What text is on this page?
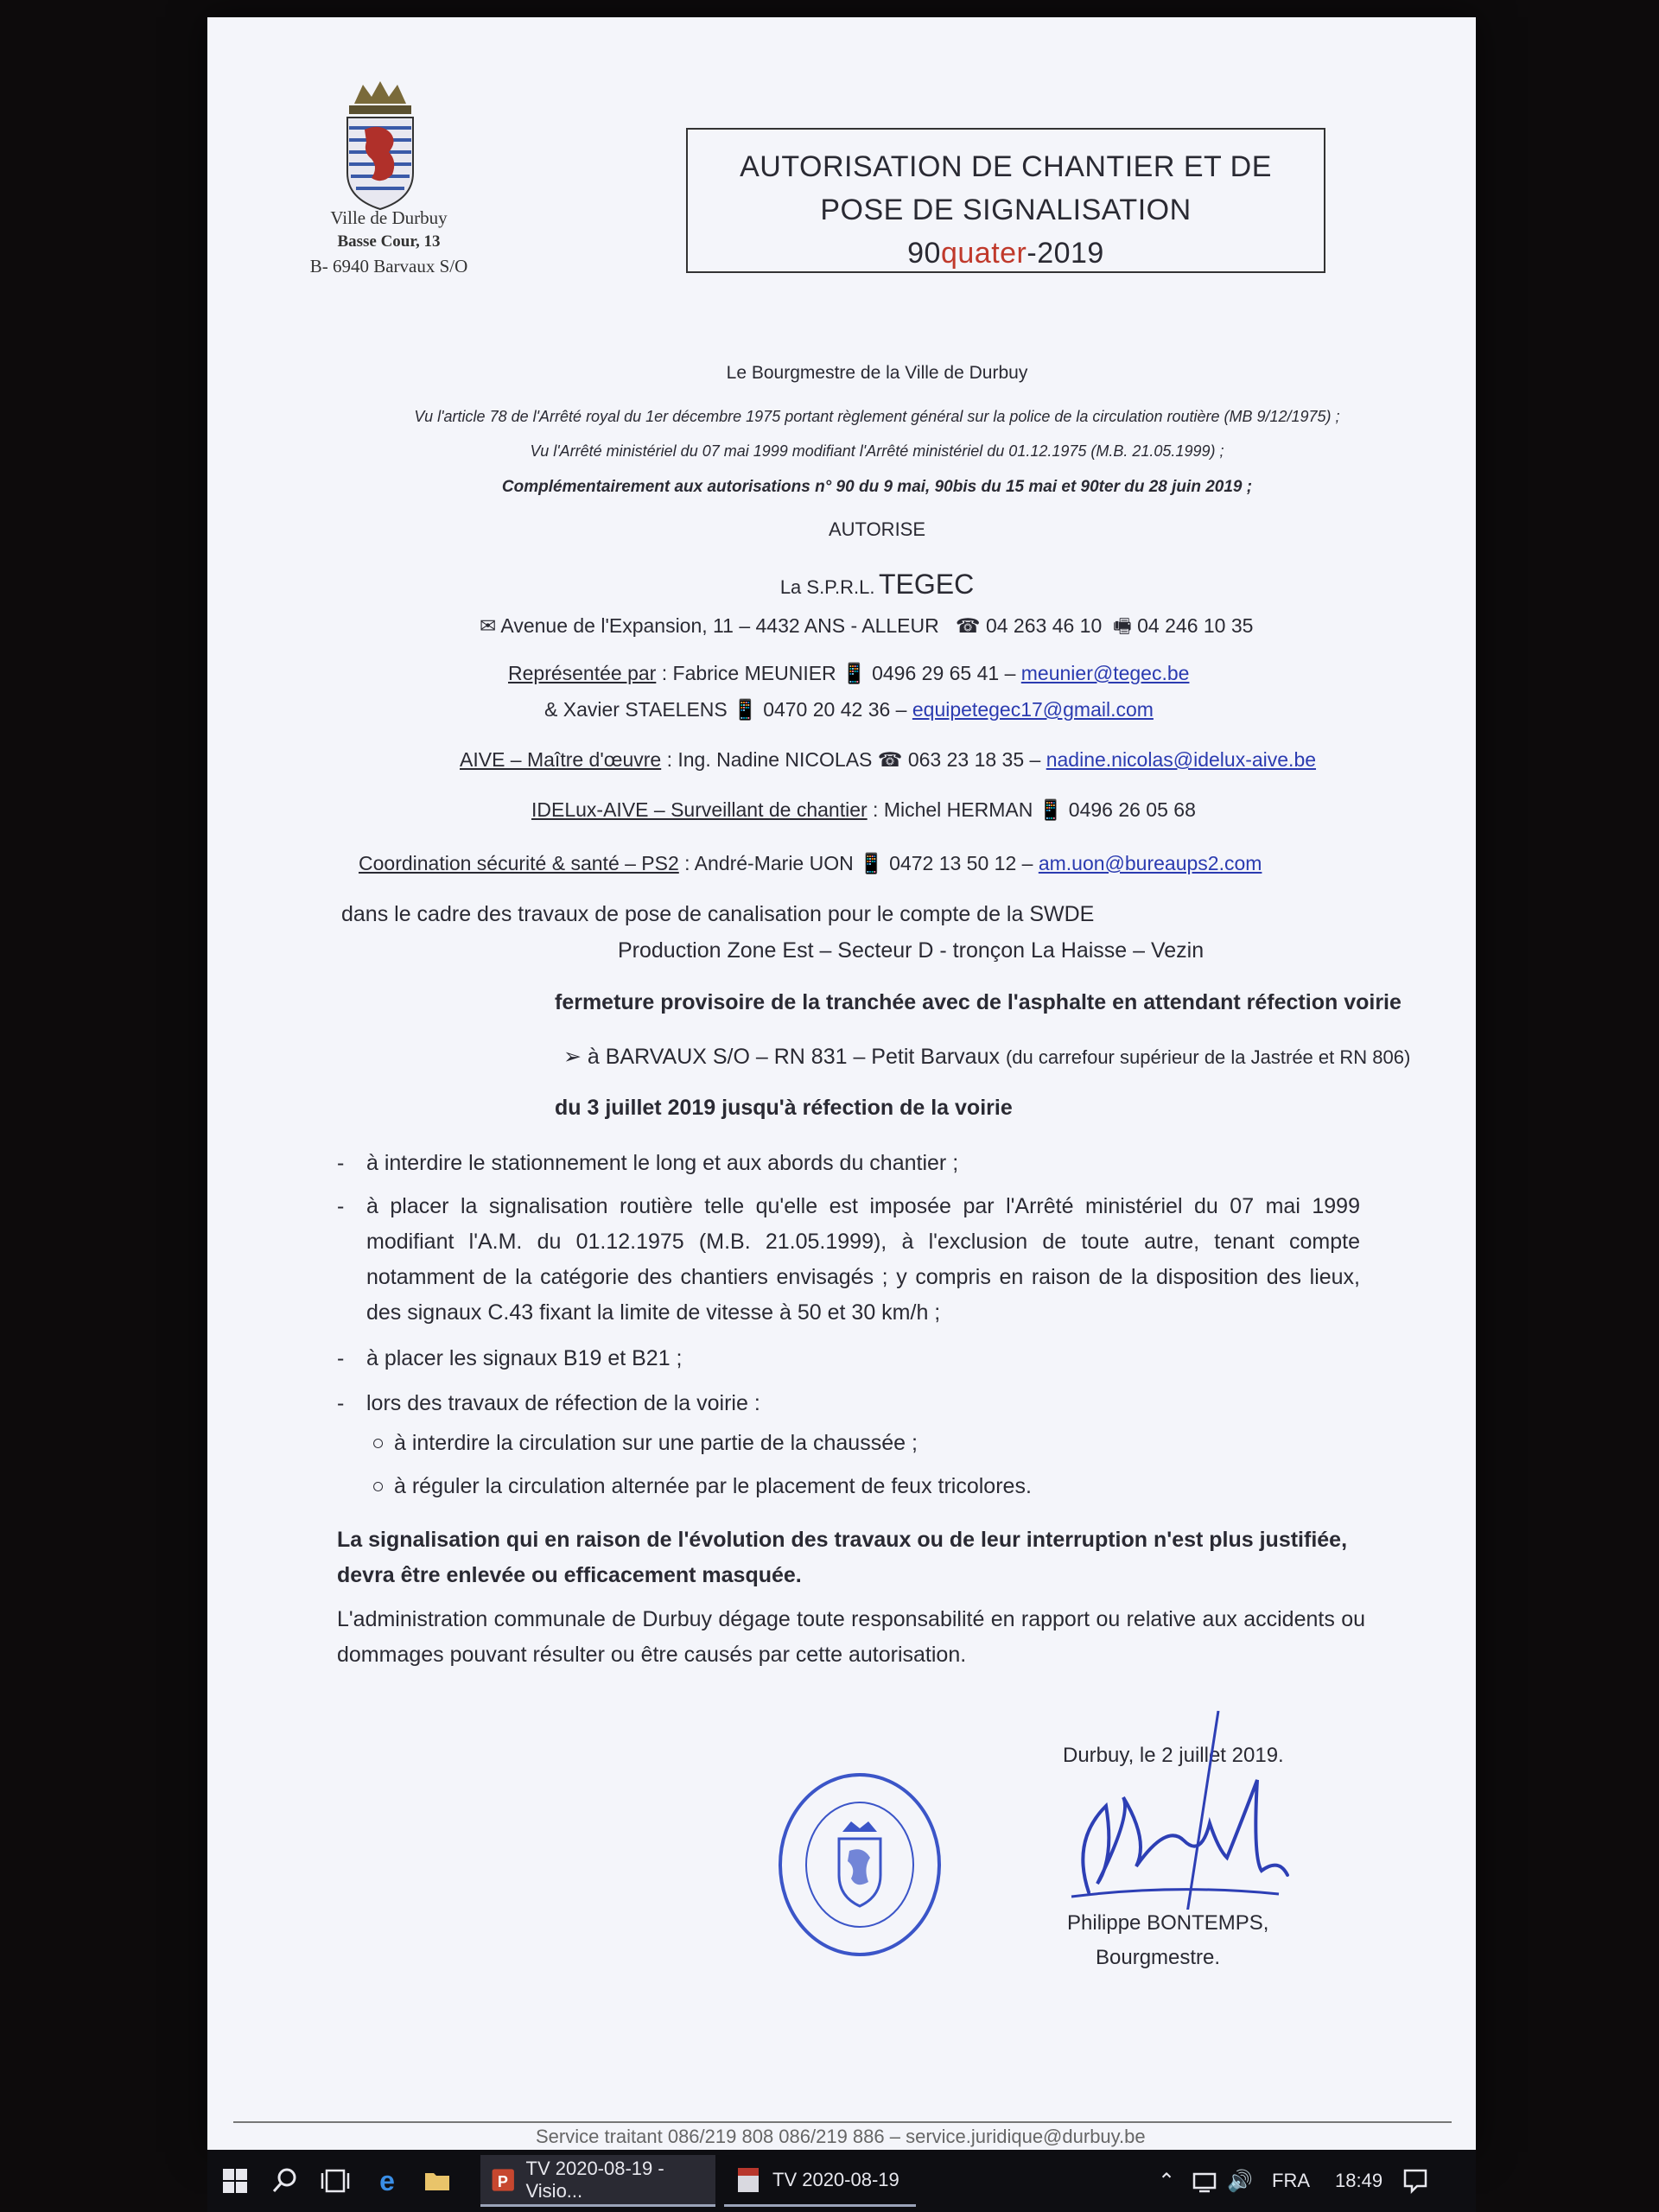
Ville de Durbuy
Basse Cour, 13
B- 6940 Barvaux S/O
AUTORISATION DE CHANTIER ET DE
POSE DE SIGNALISATION
90quater-2019
Le Bourgmestre de la Ville de Durbuy
Vu l'article 78 de l'Arrêté royal du 1er décembre 1975 portant règlement général sur la police de la circulation routière (MB 9/12/1975) ;
Vu l'Arrêté ministériel du 07 mai 1999 modifiant l'Arrêté ministériel du 01.12.1975 (M.B. 21.05.1999) ;
Complémentairement aux autorisations n° 90 du 9 mai, 90bis du 15 mai et 90ter du 28 juin 2019 ;
AUTORISE
La S.P.R.L. TEGEC
✉ Avenue de l'Expansion, 11 – 4432 ANS - ALLEUR ☎ 04 263 46 10 🖷 04 246 10 35
Représentée par : Fabrice MEUNIER 📱 0496 29 65 41 – meunier@tegec.be
& Xavier STAELENS 📱 0470 20 42 36 – equipetegec17@gmail.com
AIVE – Maître d'œuvre : Ing. Nadine NICOLAS ☎ 063 23 18 35 – nadine.nicolas@idelux-aive.be
IDELux-AIVE – Surveillant de chantier : Michel HERMAN 📱 0496 26 05 68
Coordination sécurité & santé – PS2 : André-Marie UON 📱 0472 13 50 12 – am.uon@bureaups2.com
dans le cadre des travaux de pose de canalisation pour le compte de la SWDE
Production Zone Est – Secteur D - tronçon La Haisse – Vezin
fermeture provisoire de la tranchée avec de l'asphalte en attendant réfection voirie
➢ à BARVAUX S/O – RN 831 – Petit Barvaux (du carrefour supérieur de la Jastrée et RN 806)
du 3 juillet 2019 jusqu'à réfection de la voirie
- à interdire le stationnement le long et aux abords du chantier ;
- à placer la signalisation routière telle qu'elle est imposée par l'Arrêté ministériel du 07 mai 1999 modifiant l'A.M. du 01.12.1975 (M.B. 21.05.1999), à l'exclusion de toute autre, tenant compte notamment de la catégorie des chantiers envisagés ; y compris en raison de la disposition des lieux, des signaux C.43 fixant la limite de vitesse à 50 et 30 km/h ;
- à placer les signaux B19 et B21 ;
- lors des travaux de réfection de la voirie :
○ à interdire la circulation sur une partie de la chaussée ;
○ à réguler la circulation alternée par le placement de feux tricolores.
La signalisation qui en raison de l'évolution des travaux ou de leur interruption n'est plus justifiée, devra être enlevée ou efficacement masquée.
L'administration communale de Durbuy dégage toute responsabilité en rapport ou relative aux accidents ou dommages pouvant résulter ou être causés par cette autorisation.
Durbuy, le 2 juillet 2019.
Philippe BONTEMPS,
Bourgmestre.
Service traitant 086/219 808 086/219 886 – service.juridique@durbuy.be
e	P
TV 2020-08-19 - Visio...
TV 2020-08-19	⌃ 🔊 FRA 18:49
